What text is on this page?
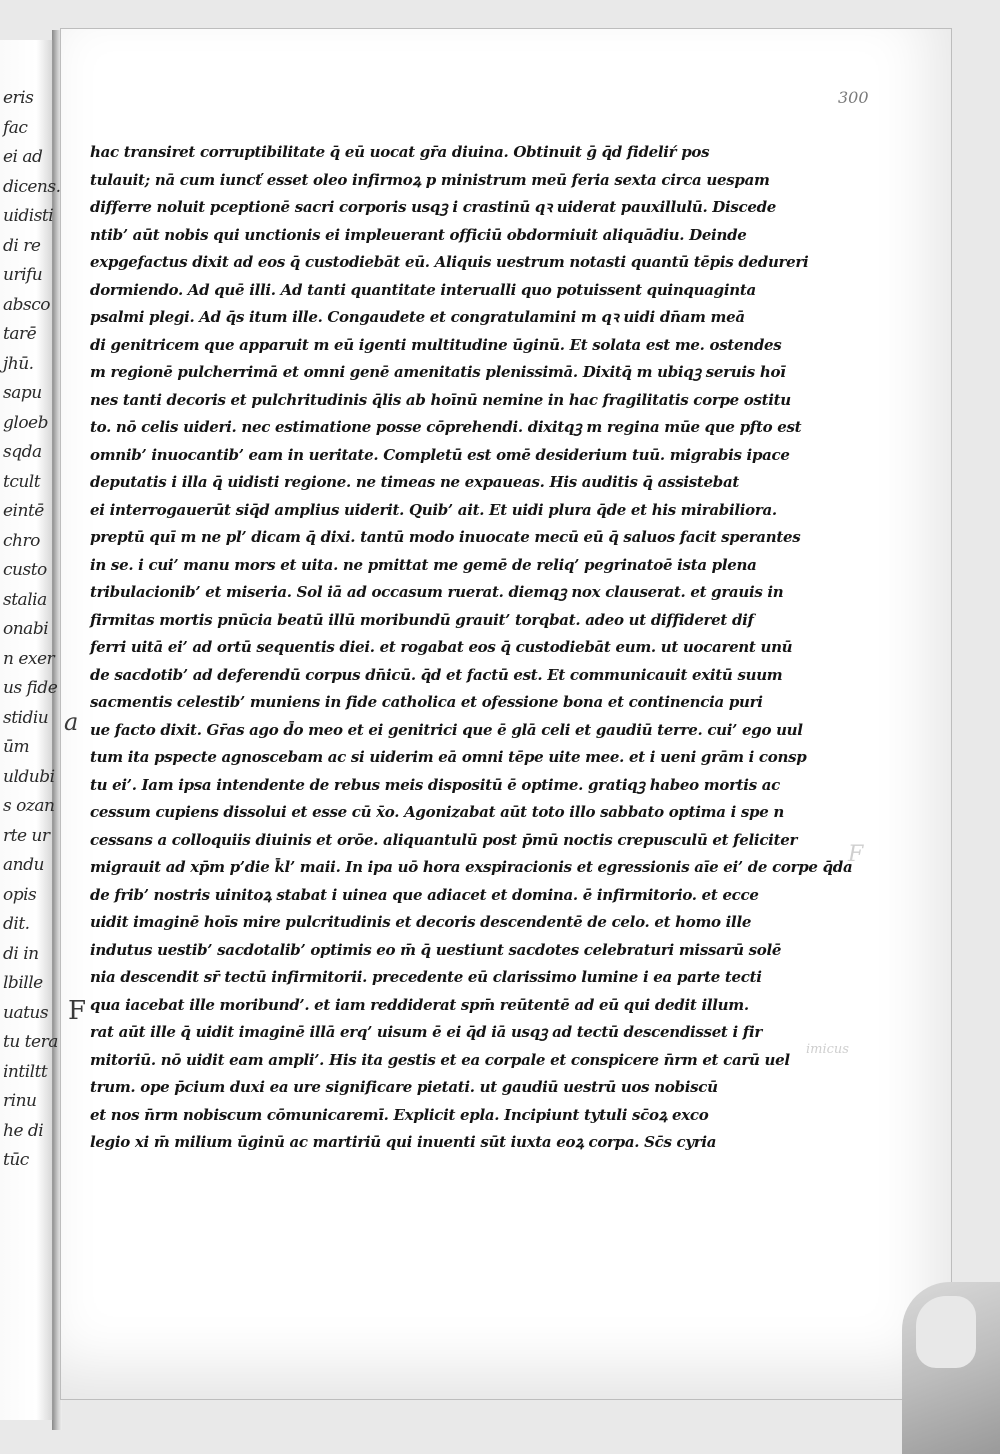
eris
fac
ei ad
dicens.
uidisti
di re
urifu
absco
tarē
jhū.
sapu
gloeb
sqda
tcult
eintē
chro
custo
stalia
onabi
n exer
us fide
stidiu
ūm
uldubi
s ozan
rte ur
andu
opis
dit.
di in
lbille
uatus
tu tera
intiltt
rinu
he di
tūc
300
hac transiret corruptibilitate q̄ eū uocat gr̄a diuina. Obtinuit ḡ q̄d fideliŕ pos
tulauit; nā cum iuncť esset oleo infirmoꝝ p ministrum meū feria sexta circa uespam
differre noluit pceptionē sacri corporis usqꝫ i crastinū qꝛ uiderat pauxillulū. Discede
ntib’ aūt nobis qui unctionis ei impleuerant officiū obdormiuit aliquādiu. Deinde
expgefactus dixit ad eos q̄ custodiebāt eū. Aliquis uestrum notasti quantū tēpis dedureri
dormiendo. Ad quē illi. Ad tanti quantitate interualli quo potuissent quinquaginta
psalmi plegi. Ad q̄s itum ille. Congaudete et congratulamini m qꝛ uidi dn̄am meā
di genitricem que apparuit m eū igenti multitudine ūginū. Et solata est me. ostendes
m regionē pulcherrimā et omni genē amenitatis plenissimā. Dixitq̄ m ubiqꝫ seruis hoī
nes tanti decoris et pulchritudinis q̄lis ab hoīnū nemine in hac fragilitatis corpe ostitu
to. nō celis uideri. nec estimatione posse cōprehendi. dixitqꝫ m regina mūe que pfto est
omnib’ inuocantib’ eam in ueritate. Completū est omē desiderium tuū. migrabis ipace
deputatis i illa q̄ uidisti regione. ne timeas ne expaueas. His auditis q̄ assistebat
ei interrogauerūt siq̄d amplius uiderit. Quib’ ait. Et uidi plura q̄de et his mirabiliora.
preptū quī m ne pl’ dicam q̄ dixi. tantū modo inuocate mecū eū q̄ saluos facit sperantes
in se. i cui’ manu mors et uita. ne pmittat me gemē de reliq’ pegrinatoē ista plena
tribulacionib’ et miseria. Sol iā ad occasum ruerat. diemqꝫ nox clauserat. et grauis in
firmitas mortis pnūcia beatū illū moribundū grauit’ torqbat. adeo ut diffideret dif
ferri uitā ei’ ad ortū sequentis diei. et rogabat eos q̄ custodiebāt eum. ut uocarent unū
de sacdotib’ ad deferendū corpus dn̄icū. q̄d et factū est. Et communicauit exitū suum
sacmentis celestib’ muniens in fide catholica et ofessione bona et continencia puri
ue facto dixit. Gr̄as ago d̄o meo et ei genitrici que ē glā celi et gaudiū terre. cui’ ego uul
tum ita pspecte agnoscebam ac si uiderim eā omni tēpe uite mee. et i ueni grām i consp
tu ei’. Iam ipsa intendente de rebus meis dispositū ē optime. gratiqꝫ habeo mortis ac
cessum cupiens dissolui et esse cū x̄o. Agonizabat aūt toto illo sabbato optima i spe n
cessans a colloquiis diuinis et orōe. aliquantulū post p̄mū noctis crepusculū et feliciter
migrauit ad xp̄m p’die k̄l’ maii. In ipa uō hora exspiracionis et egressionis aīe ei’ de corpe q̄da
de frib’ nostris uinitoꝝ stabat i uinea que adiacet et domina. ē infirmitorio. et ecce
uidit imaginē hoīs mire pulcritudinis et decoris descendentē de celo. et homo ille
indutus uestib’ sacdotalib’ optimis eo m̄ q̄ uestiunt sacdotes celebraturi missarū solē
nia descendit sr̄ tectū infirmitorii. precedente eū clarissimo lumine i ea parte tecti
qua iacebat ille moribund’. et iam reddiderat spm̄ reūtentē ad eū qui dedit illum.
rat aūt ille q̄ uidit imaginē illā erq’ uisum ē ei q̄d iā usqꝫ ad tectū descendisset i fir
mitoriū. nō uidit eam ampli’. His ita gestis et ea corpale et conspicere n̄rm et carū uel
trum. ope p̄cium duxi ea ure significare pietati. ut gaudiū uestrū uos nobiscū
et nos n̄rm nobiscum cōmunicaremī. Explicit epla. Incipiunt tytuli sc̄oꝝ exco
legio xi m̄ milium ūginū ac martiriū qui inuenti sūt iuxta eoꝝ corpa. Sc̄s cyria
a
F
F
imicus
